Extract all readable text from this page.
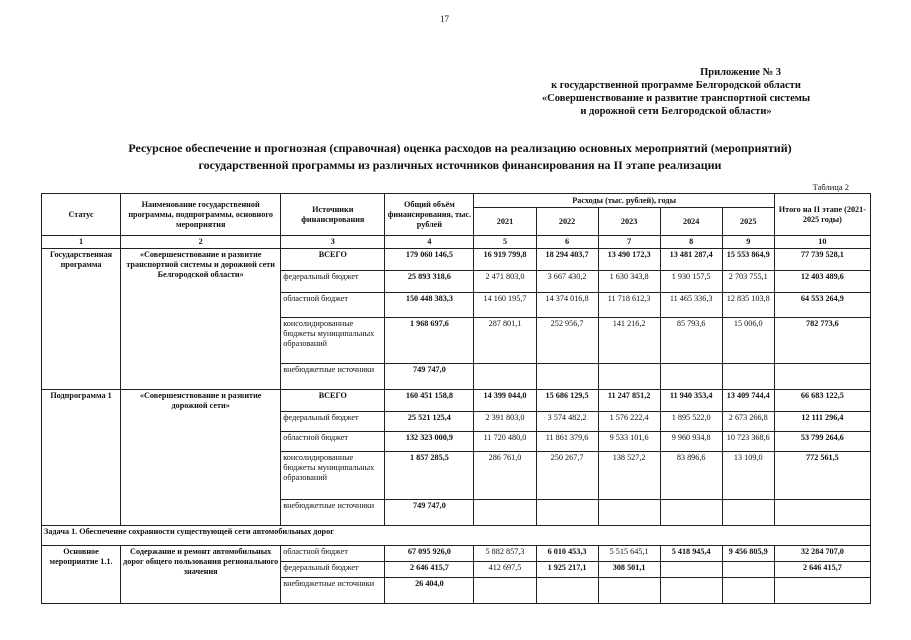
17
Приложение № 3
к государственной программе Белгородской области
«Совершенствование и развитие транспортной системы
и дорожной сети Белгородской области»
Ресурсное обеспечение и прогнозная (справочная) оценка расходов на реализацию основных мероприятий (мероприятий)
государственной программы из различных источников финансирования на II этапе реализации
Таблица 2
Статус	Наименование государственной программы, подпрограммы, основного мероприятия	Источники финансирования	Общий объём финансирования, тыс. рублей	Расходы (тыс. рублей), годы					Итого на II этапе (2021-2025 годы)
				2021	2022	2023	2024	2025	
1	2	3	4	5	6	7	8	9	10
Государственная программа	«Совершенствование и развитие транспортной системы и дорожной сети Белгородской области»	ВСЕГО	179 060 146,5	16 919 799,8	18 294 403,7	13 490 172,3	13 481 287,4	15 553 864,9	77 739 528,1
		федеральный бюджет	25 893 318,6	2 471 803,0	3 667 430,2	1 630 343,8	1 930 157,5	2 703 755,1	12 403 489,6
		областной бюджет	150 448 383,3	14 160 195,7	14 374 016,8	11 718 612,3	11 465 336,3	12 835 103,8	64 553 264,9
		консолидированные бюджеты муниципальных образований	1 968 697,6	287 801,1	252 956,7	141 216,2	85 793,6	15 006,0	782 773,6
		внебюджетные источники	749 747,0						
Подпрограмма 1	«Совершенствование и развитие дорожной сети»	ВСЕГО	160 451 158,8	14 399 044,0	15 686 129,5	11 247 851,2	11 940 353,4	13 409 744,4	66 683 122,5
		федеральный бюджет	25 521 125,4	2 391 803,0	3 574 482,2	1 576 222,4	1 895 522,0	2 673 266,8	12 111 296,4
		областной бюджет	132 323 000,9	11 720 480,0	11 861 379,6	9 533 101,6	9 960 934,8	10 723 368,6	53 799 264,6
		консолидированные бюджеты муниципальных образований	1 857 285,5	286 761,0	250 267,7	138 527,2	83 896,6	13 109,0	772 561,5
		внебюджетные источники	749 747,0						
Задача 1. Обеспечение сохранности существующей сети автомобильных дорог									
Основное мероприятие 1.1.	Содержание и ремонт автомобильных дорог общего пользования регионального значения	областной бюджет	67 095 926,0	5 882 857,3	6 010 453,3	5 515 645,1	5 418 945,4	9 456 805,9	32 284 707,0
		федеральный бюджет	2 646 415,7	412 697,5	1 925 217,1	308 501,1			2 646 415,7
		внебюджетные источники	26 404,0						
